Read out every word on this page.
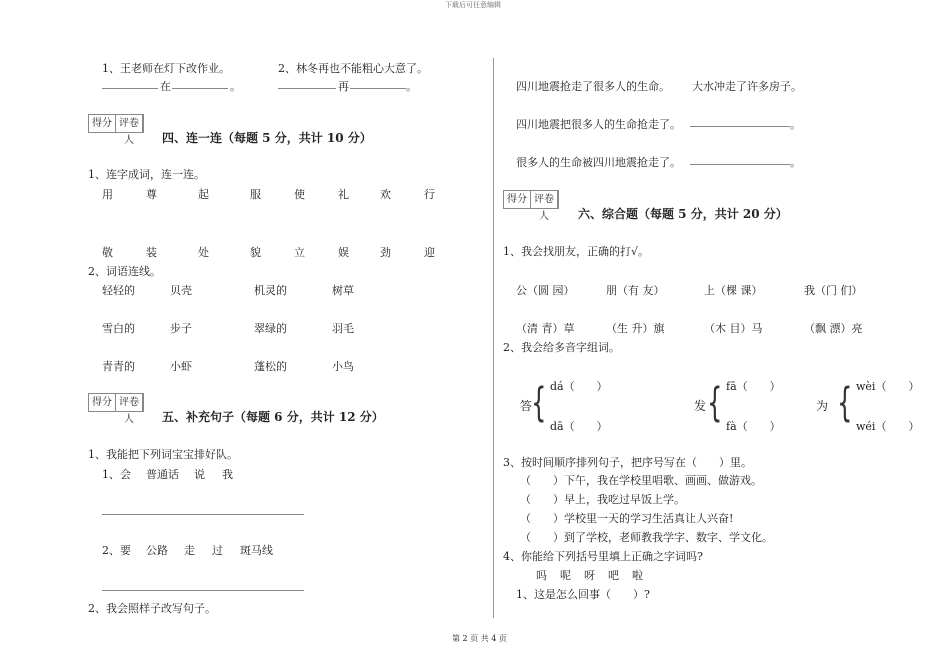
下载后可任意编辑
1、王老师在灯下改作业。	2、林冬再也不能粗心大意了。
在	。	再	。
得分 评卷人	四、连一连（每题 5 分，共计 10 分）
1、连字成词，连一连。
用	尊	起	服	使	礼	欢	行
敬	装	处	貌	立	娱	劲	迎
2、词语连线。
轻轻的	贝壳	机灵的	树草
雪白的	步子	翠绿的	羽毛
青青的	小虾	蓬松的	小鸟
得分 评卷人	五、补充句子（每题 6 分，共计 12 分）
1、我能把下列词宝宝排好队。
1、会 普通话 说 我
2、要 公路 走 过 斑马线
2、我会照样子改写句子。
四川地震抢走了很多人的生命。 大水冲走了许多房子。
四川地震把很多人的生命抢走了。	。
很多人的生命被四川地震抢走了。	。
得分 评卷人	六、综合题（每题 5 分，共计 20 分）
1、我会找朋友，正确的打√。
公（圆 园）	朋（有 友）	上（棵 课）	我（门 们）
（清 青）草	（生 升）旗	（木 目）马	（飘 漂）亮
2、我会给多音字组词。
答 { dá（　　）
dā（　　）
发 { fā（　　）
fà（　　）
为 { wèi（　　）
wéi（　　）
3、按时间顺序排列句子，把序号写在（　　）里。
（　　）下午，我在学校里唱歌、画画、做游戏。
（　　）早上，我吃过早饭上学。
（　　）学校里一天的学习生活真让人兴奋!
（　　）到了学校，老师教我学字、数字、学文化。
4、你能给下列括号里填上正确之字词吗?
吗 呢 呀 吧 啦
1、这是怎么回事（　　）?
第 2 页 共 4 页
